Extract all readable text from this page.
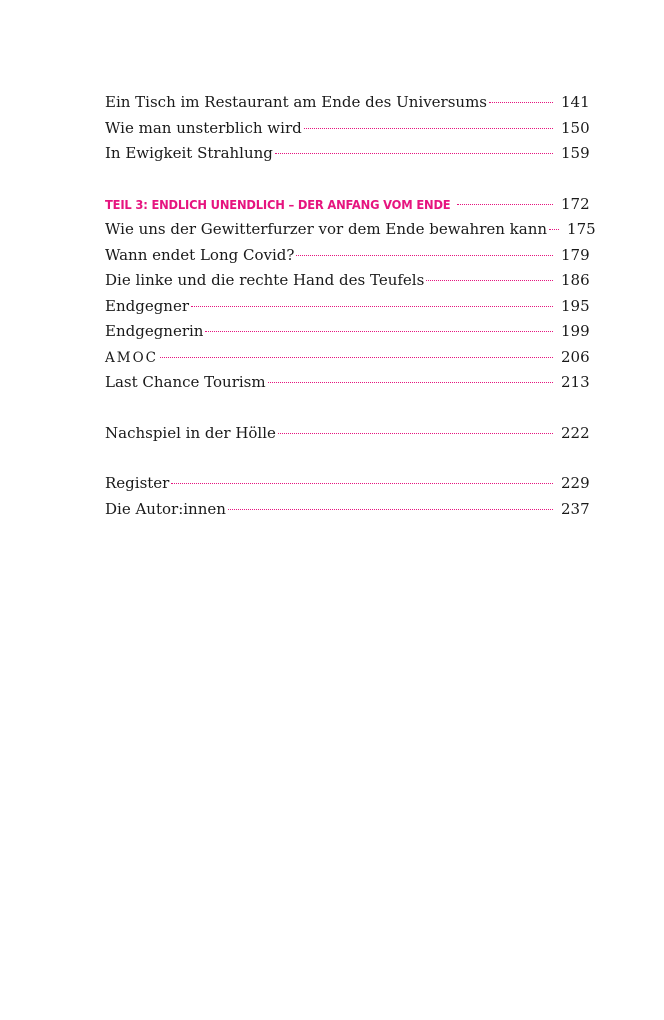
Ein Tisch im Restaurant am Ende des Universums	141
Wie man unsterblich wird	150
In Ewigkeit Strahlung	159
TEIL 3: ENDLICH UNENDLICH – DER ANFANG VOM ENDE	172
Wie uns der Gewitterfurzer vor dem Ende bewahren kann 175
Wann endet Long Covid?	179
Die linke und die rechte Hand des Teufels	186
Endgegner	195
Endgegnerin	199
AMOC	206
Last Chance Tourism	213
Nachspiel in der Hölle	222
Register	229
Die Autor:innen	237
